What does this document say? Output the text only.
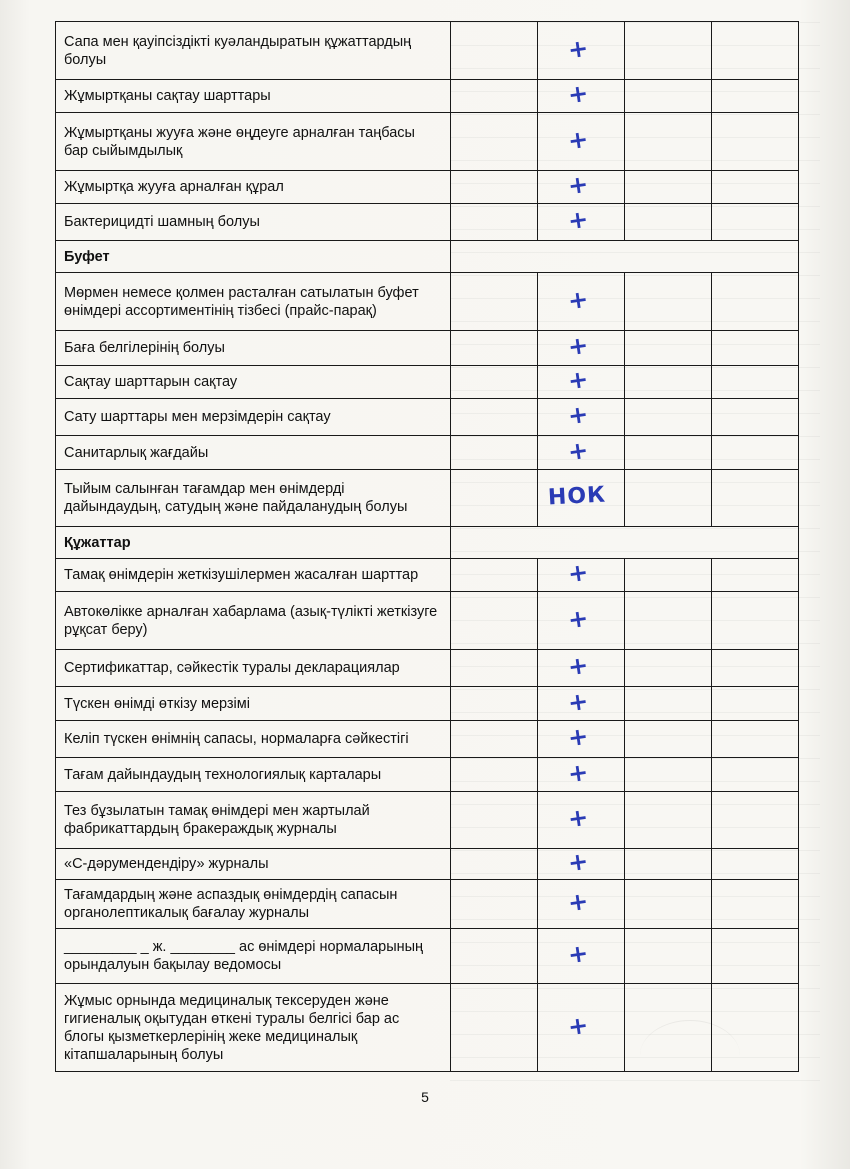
Сапа мен қауіпсіздікті куәландыратын құжаттардың болуы		+		
Жұмыртқаны сақтау шарттары		+		
Жұмыртқаны жууға және өңдеуге арналған таңбасы бар сыйымдылық		+		
Жұмыртқа жууға арналған құрал		+		
Бактерицидті шамның болуы		+		
Буфет				
Мөрмен немесе қолмен расталған сатылатын буфет өнімдері ассортиментінің тізбесі (прайс-парақ)		+		
Баға белгілерінің болуы		+		
Сақтау шарттарын сақтау		+		
Сату шарттары мен мерзімдерін сақтау		+		
Санитарлық жағдайы		+		
Тыйым салынған тағамдар мен өнімдерді дайындаудың, сатудың және пайдаланудың болуы		НОК		
Құжаттар				
Тамақ өнімдерін жеткізушілермен жасалған шарттар		+		
Автокөлікке арналған хабарлама (азық-түлікті жеткізуге рұқсат беру)		+		
Сертификаттар, сәйкестік туралы декларациялар		+		
Түскен өнімді өткізу мерзімі		+		
Келіп түскен өнімнің сапасы, нормаларға сәйкестігі		+		
Тағам дайындаудың технологиялық карталары		+		
Тез бұзылатын тамақ өнімдері мен жартылай фабрикаттардың бракераждық журналы		+		
«С-дәрумендендіру» журналы		+		
Тағамдардың және аспаздық өнімдердің сапасын органолептикалық бағалау журналы		+		
_________ _ ж. ________ ас өнімдері нормаларының орындалуын бақылау ведомосы		+		
Жұмыс орнында медициналық тексеруден және гигиеналық оқытудан өткені туралы белгісі бар ас блогы қызметкерлерінің жеке медициналық кітапшаларының болуы		+		
5
